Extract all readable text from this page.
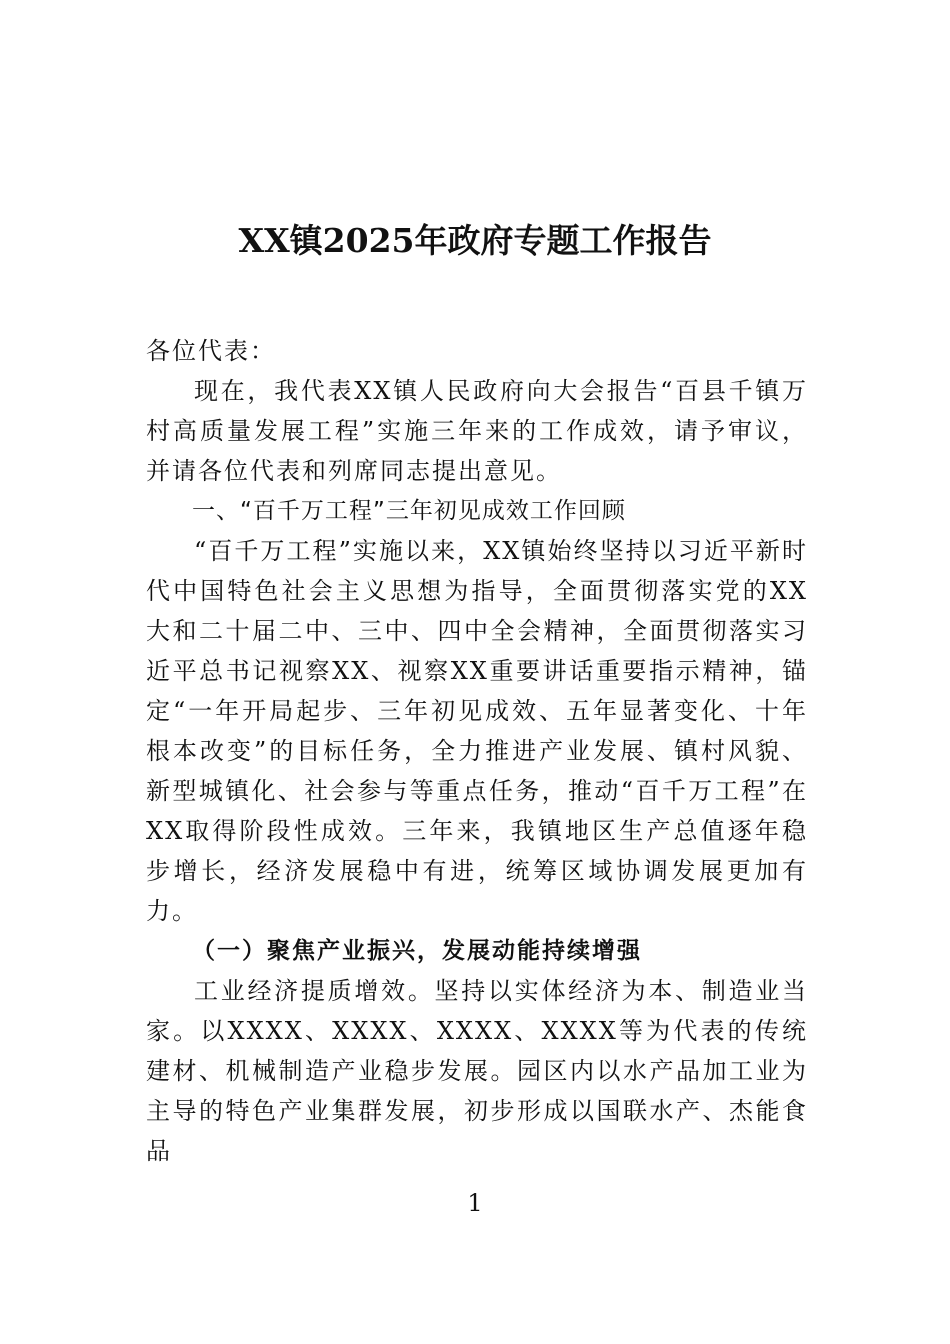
XX镇2025年政府专题工作报告

各位代表：

现在，我代表XX镇人民政府向大会报告“百县千镇万村高质量发展工程”实施三年来的工作成效，请予审议，并请各位代表和列席同志提出意见。

一、“百千万工程”三年初见成效工作回顾

“百千万工程”实施以来，XX镇始终坚持以习近平新时代中国特色社会主义思想为指导，全面贯彻落实党的XX大和二十届二中、三中、四中全会精神，全面贯彻落实习近平总书记视察XX、视察XX重要讲话重要指示精神，锚定“一年开局起步、三年初见成效、五年显著变化、十年根本改变”的目标任务，全力推进产业发展、镇村风貌、新型城镇化、社会参与等重点任务，推动“百千万工程”在XX取得阶段性成效。三年来，我镇地区生产总值逐年稳步增长，经济发展稳中有进，统筹区域协调发展更加有力。

（一）聚焦产业振兴，发展动能持续增强

工业经济提质增效。坚持以实体经济为本、制造业当家。以XXXX、XXXX、XXXX、XXXX等为代表的传统建材、机械制造产业稳步发展。园区内以水产品加工业为主导的特色产业集群发展，初步形成以国联水产、杰能食品

1
